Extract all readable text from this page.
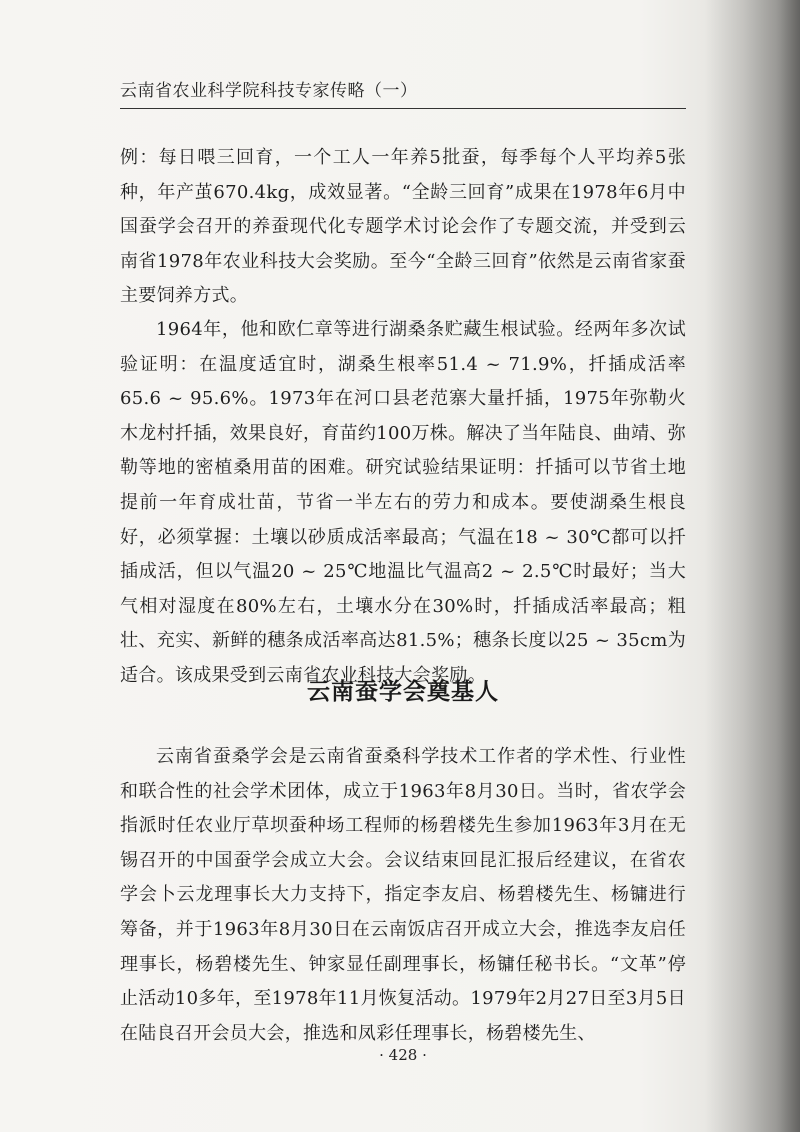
云南省农业科学院科技专家传略（一）

例：每日喂三回育，一个工人一年养5批蚕，每季每个人平均养5张种，年产茧670.4kg，成效显著。“全龄三回育”成果在1978年6月中国蚕学会召开的养蚕现代化专题学术讨论会作了专题交流，并受到云南省1978年农业科技大会奖励。至今“全龄三回育”依然是云南省家蚕主要饲养方式。

1964年，他和欧仁章等进行湖桑条贮藏生根试验。经两年多次试验证明：在温度适宜时，湖桑生根率51.4 ~ 71.9%，扦插成活率65.6 ~ 95.6%。1973年在河口县老范寨大量扦插，1975年弥勒火木龙村扦插，效果良好，育苗约100万株。解决了当年陆良、曲靖、弥勒等地的密植桑用苗的困难。研究试验结果证明：扦插可以节省土地提前一年育成壮苗，节省一半左右的劳力和成本。要使湖桑生根良好，必须掌握：土壤以砂质成活率最高；气温在18 ~ 30℃都可以扦插成活，但以气温20 ~ 25℃地温比气温高2 ~ 2.5℃时最好；当大气相对湿度在80%左右，土壤水分在30%时，扦插成活率最高；粗壮、充实、新鲜的穗条成活率高达81.5%；穗条长度以25 ~ 35cm为适合。该成果受到云南省农业科技大会奖励。

云南蚕学会奠基人

云南省蚕桑学会是云南省蚕桑科学技术工作者的学术性、行业性和联合性的社会学术团体，成立于1963年8月30日。当时，省农学会指派时任农业厅草坝蚕种场工程师的杨碧楼先生参加1963年3月在无锡召开的中国蚕学会成立大会。会议结束回昆汇报后经建议，在省农学会卜云龙理事长大力支持下，指定李友启、杨碧楼先生、杨镛进行筹备，并于1963年8月30日在云南饭店召开成立大会，推选李友启任理事长，杨碧楼先生、钟家显任副理事长，杨镛任秘书长。“文革”停止活动10多年，至1978年11月恢复活动。1979年2月27日至3月5日在陆良召开会员大会，推选和凤彩任理事长，杨碧楼先生、

· 428 ·
